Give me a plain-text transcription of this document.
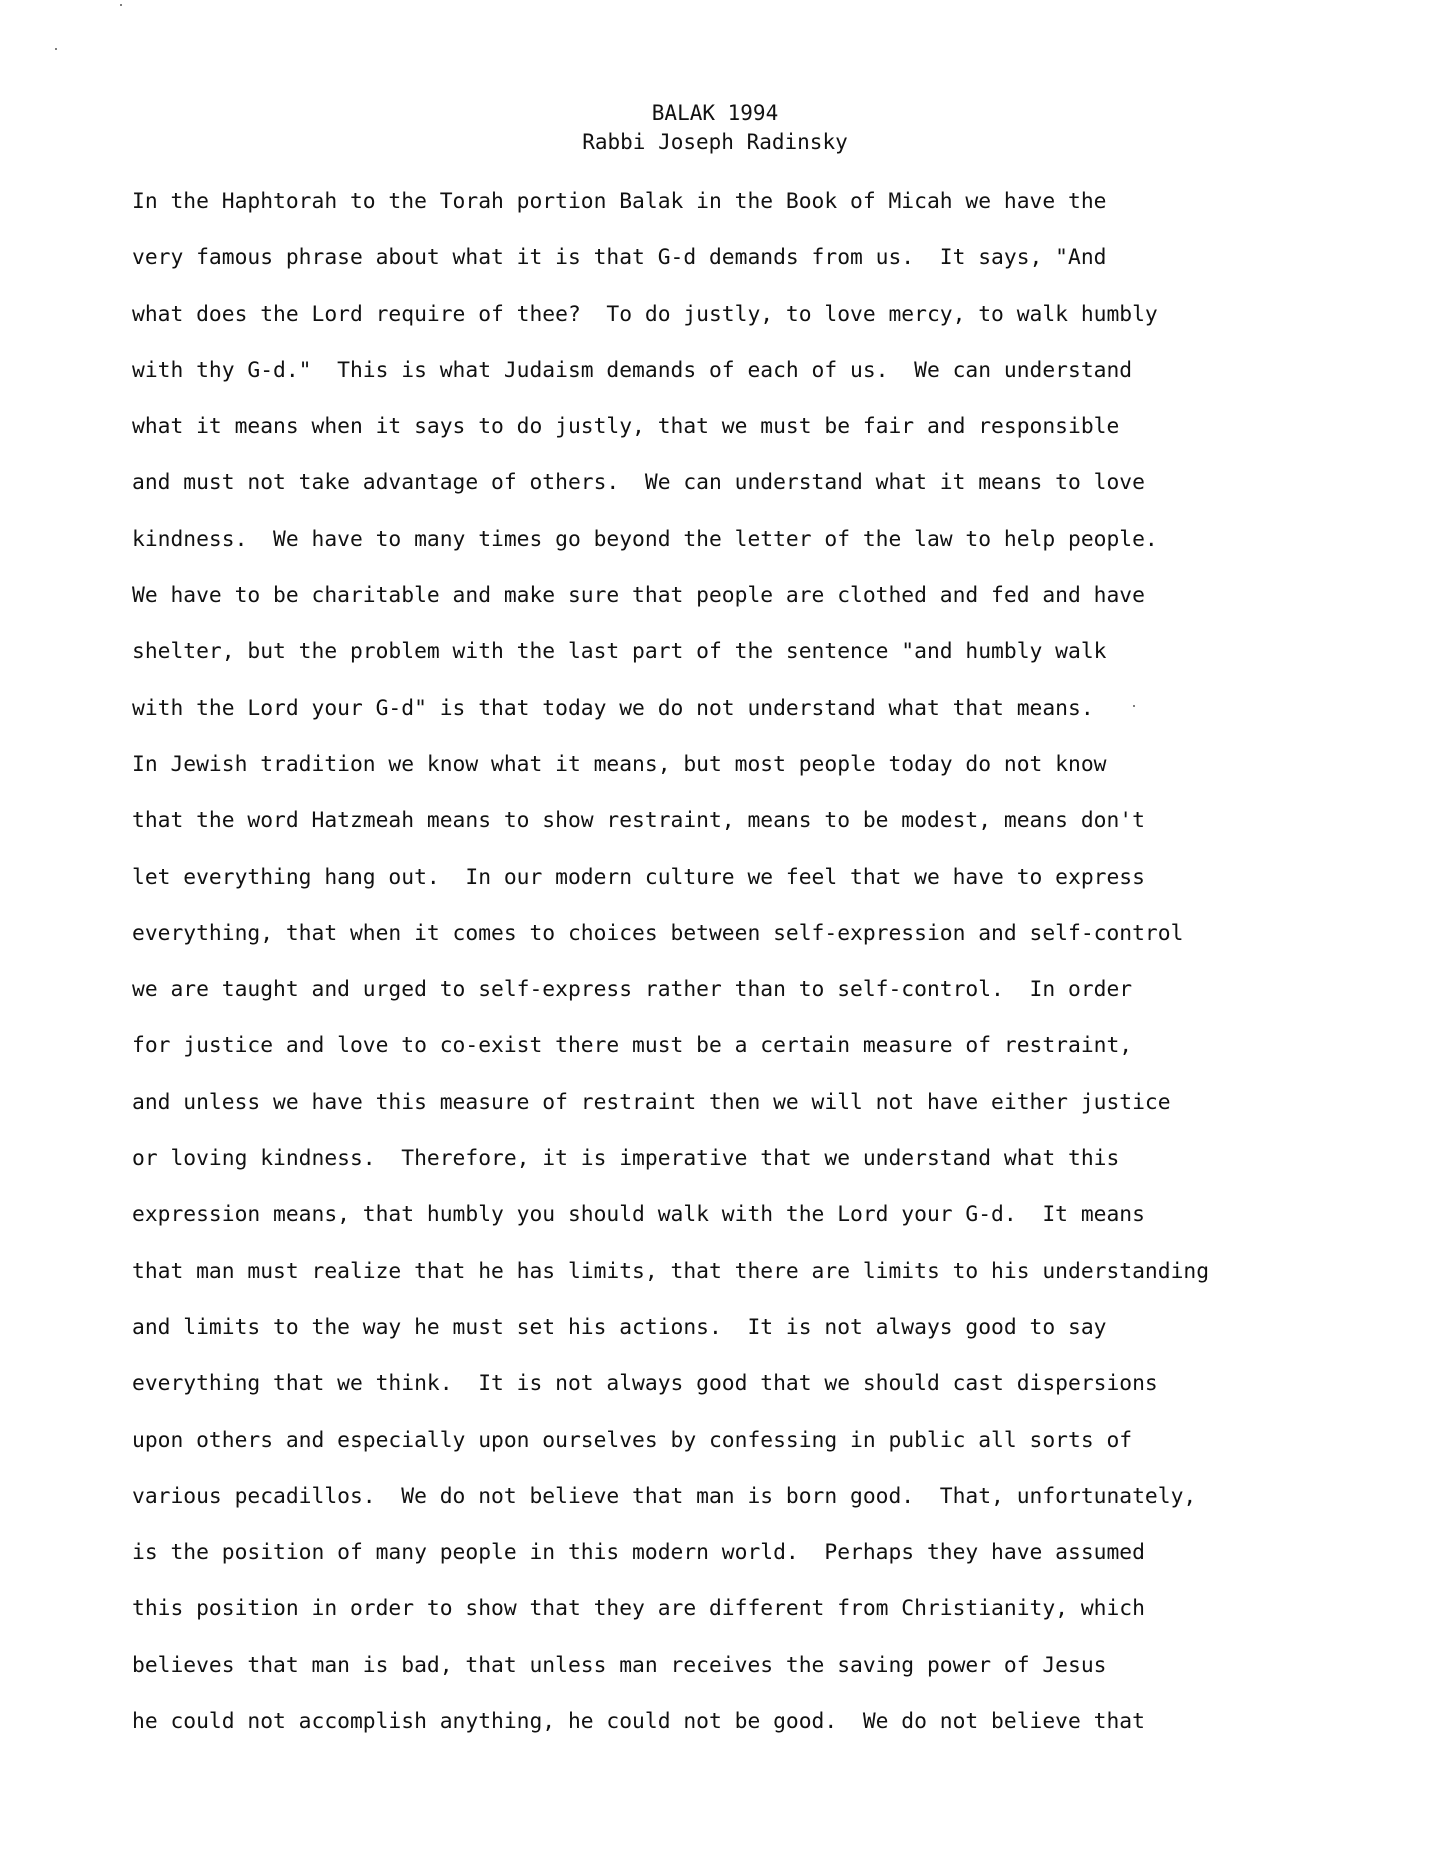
BALAK 1994
Rabbi Joseph Radinsky
In the Haphtorah to the Torah portion Balak in the Book of Micah we have the
very famous phrase about what it is that G-d demands from us.  It says, "And
what does the Lord require of thee?  To do justly, to love mercy, to walk humbly
with thy G-d."  This is what Judaism demands of each of us.  We can understand
what it means when it says to do justly, that we must be fair and responsible
and must not take advantage of others.  We can understand what it means to love
kindness.  We have to many times go beyond the letter of the law to help people.
We have to be charitable and make sure that people are clothed and fed and have
shelter, but the problem with the last part of the sentence "and humbly walk
with the Lord your G-d" is that today we do not understand what that means.
In Jewish tradition we know what it means, but most people today do not know
that the word Hatzmeah means to show restraint, means to be modest, means don't
let everything hang out.  In our modern culture we feel that we have to express
everything, that when it comes to choices between self-expression and self-control
we are taught and urged to self-express rather than to self-control.  In order
for justice and love to co-exist there must be a certain measure of restraint,
and unless we have this measure of restraint then we will not have either justice
or loving kindness.  Therefore, it is imperative that we understand what this
expression means, that humbly you should walk with the Lord your G-d.  It means
that man must realize that he has limits, that there are limits to his understanding
and limits to the way he must set his actions.  It is not always good to say
everything that we think.  It is not always good that we should cast dispersions
upon others and especially upon ourselves by confessing in public all sorts of
various pecadillos.  We do not believe that man is born good.  That, unfortunately,
is the position of many people in this modern world.  Perhaps they have assumed
this position in order to show that they are different from Christianity, which
believes that man is bad, that unless man receives the saving power of Jesus
he could not accomplish anything, he could not be good.  We do not believe that
